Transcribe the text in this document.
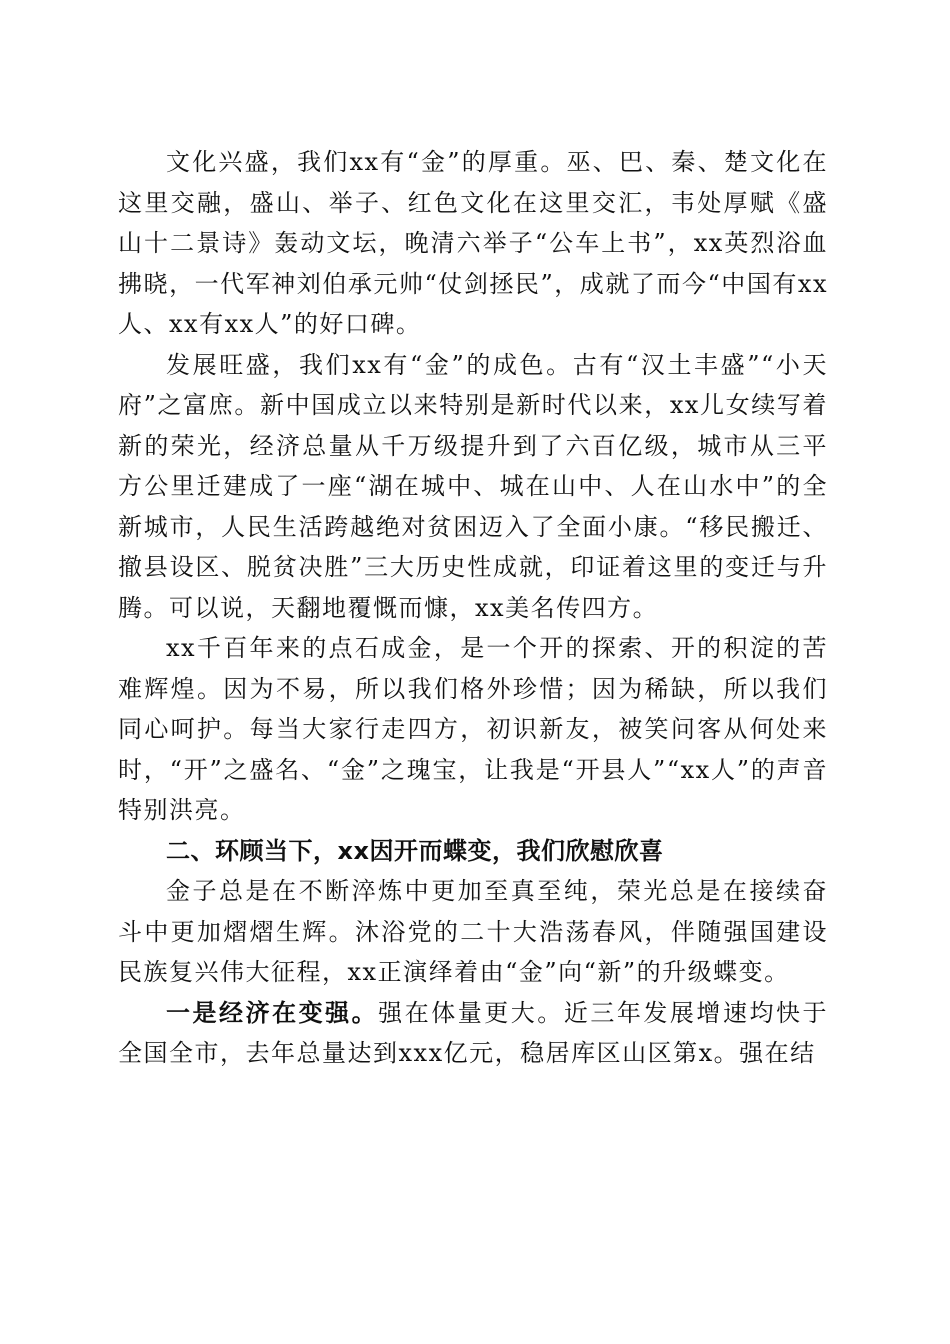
文化兴盛，我们xx有“金”的厚重。巫、巴、秦、楚文化在这里交融，盛山、举子、红色文化在这里交汇，韦处厚赋《盛山十二景诗》轰动文坛，晚清六举子“公车上书”，xx英烈浴血拂晓，一代军神刘伯承元帅“仗剑拯民”，成就了而今“中国有xx人、xx有xx人”的好口碑。

发展旺盛，我们xx有“金”的成色。古有“汉土丰盛”“小天府”之富庶。新中国成立以来特别是新时代以来，xx儿女续写着新的荣光，经济总量从千万级提升到了六百亿级，城市从三平方公里迁建成了一座“湖在城中、城在山中、人在山水中”的全新城市，人民生活跨越绝对贫困迈入了全面小康。“移民搬迁、撤县设区、脱贫决胜”三大历史性成就，印证着这里的变迁与升腾。可以说，天翻地覆慨而慷，xx美名传四方。

xx千百年来的点石成金，是一个开的探索、开的积淀的苦难辉煌。因为不易，所以我们格外珍惜；因为稀缺，所以我们同心呵护。每当大家行走四方，初识新友，被笑问客从何处来时，“开”之盛名、“金”之瑰宝，让我是“开县人”“xx人”的声音特别洪亮。

二、环顾当下，xx因开而蝶变，我们欣慰欣喜

金子总是在不断淬炼中更加至真至纯，荣光总是在接续奋斗中更加熠熠生辉。沐浴党的二十大浩荡春风，伴随强国建设民族复兴伟大征程，xx正演绎着由“金”向“新”的升级蝶变。

一是经济在变强。强在体量更大。近三年发展增速均快于全国全市，去年总量达到xxx亿元，稳居库区山区第x。强在结
